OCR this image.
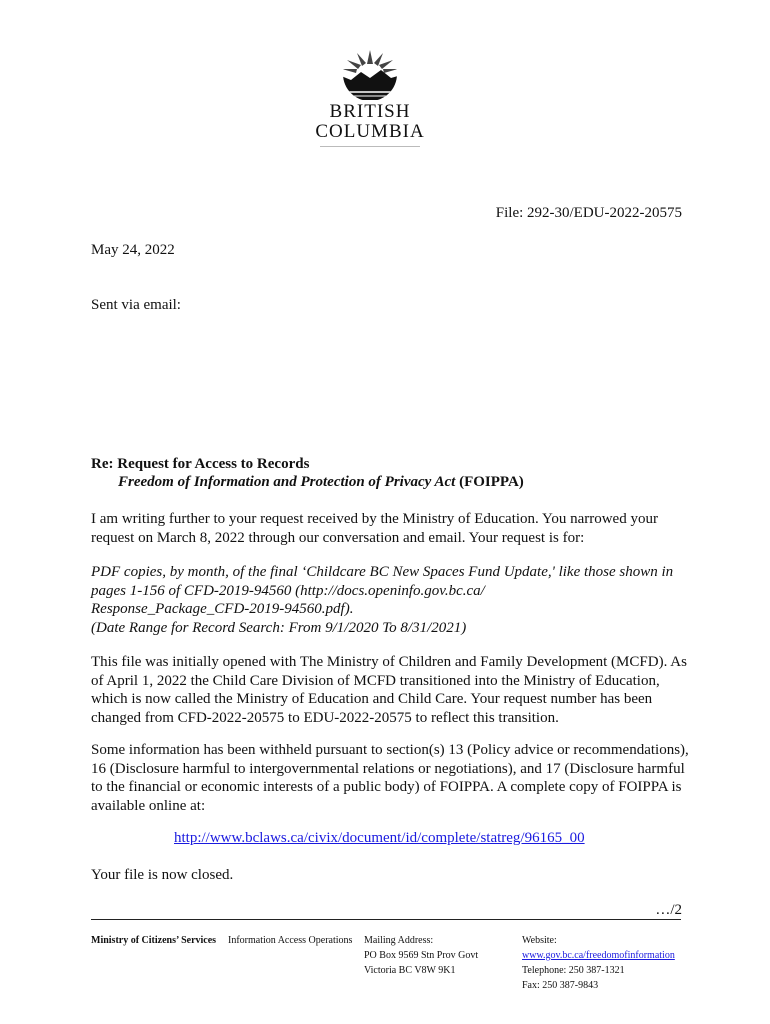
BRITISH
COLUMBIA
File: 292-30/EDU-2022-20575
May 24, 2022
Sent via email:
Re: Request for Access to Records
Freedom of Information and Protection of Privacy Act (FOIPPA)
I am writing further to your request received by the Ministry of Education. You narrowed your request on March 8, 2022 through our conversation and email. Your request is for:
PDF copies, by month, of the final ‘Childcare BC New Spaces Fund Update,' like those shown in
pages 1-156 of CFD-2019-94560 (http://docs.openinfo.gov.bc.ca/
Response_Package_CFD-2019-94560.pdf).
(Date Range for Record Search: From 9/1/2020 To 8/31/2021)
This file was initially opened with The Ministry of Children and Family Development (MCFD). As of April 1, 2022 the Child Care Division of MCFD transitioned into the Ministry of Education, which is now called the Ministry of Education and Child Care. Your request number has been changed from CFD-2022-20575 to EDU-2022-20575 to reflect this transition.
Some information has been withheld pursuant to section(s) 13 (Policy advice or recommendations), 16 (Disclosure harmful to intergovernmental relations or negotiations), and 17 (Disclosure harmful to the financial or economic interests of a public body) of FOIPPA. A complete copy of FOIPPA is available online at:
http://www.bclaws.ca/civix/document/id/complete/statreg/96165_00
Your file is now closed.
…/2
Ministry of Citizens’ Services Information Access Operations Mailing Address:
PO Box 9569 Stn Prov Govt
Victoria BC V8W 9K1
Website:
www.gov.bc.ca/freedomofinformation
Telephone: 250 387-1321
Fax: 250 387-9843
